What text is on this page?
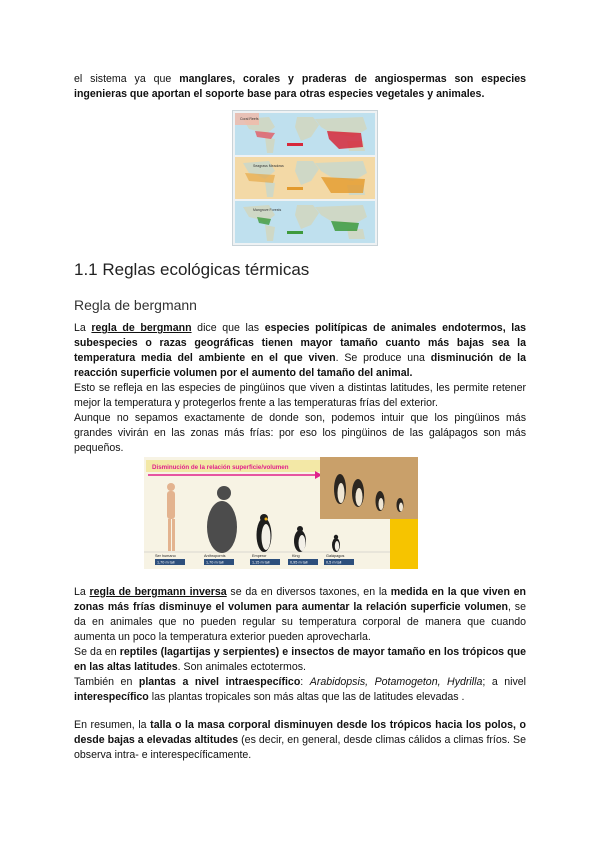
el sistema ya que manglares, corales y praderas de angiospermas son especies ingenieras que aportan el soporte base para otras especies vegetales y animales.

Coral Reefs
Seagrass Meadows
Mangrove Forests
1.1 Reglas ecológicas térmicas
Regla de bergmann

La regla de bergmann dice que las especies politípicas de animales endotermos, las subespecies o razas geográficas tienen mayor tamaño cuanto más bajas sea la temperatura media del ambiente en el que viven. Se produce una disminución de la reacción superficie volumen por el aumento del tamaño del animal.

Esto se refleja en las especies de pingüinos que viven a distintas latitudes, les permite retener mejor la temperatura y protegerlos frente a las temperaturas frías del exterior.

Aunque no sepamos exactamente de donde son, podemos intuir que los pingüinos más grandes vivirán en las zonas más frías: por eso los pingüinos de las galápagos son más pequeños.

Disminución de la relación superficie/volumen
Ser humano
1,70 m tall
Anthropornis
1,70 m tall
Emperor
1,15 m tall
King
0,95 m tall
Galápagos
0,5 m tall

La regla de bergmann inversa se da en diversos taxones, en la medida en la que viven en zonas más frías disminuye el volumen para aumentar la relación superficie volumen, se da en animales que no pueden regular su temperatura corporal de manera que cuando aumenta un poco la temperatura exterior pueden aprovecharla.

Se da en reptiles (lagartijas y serpientes) e insectos de mayor tamaño en los trópicos que en las altas latitudes. Son animales ectotermos.

También en plantas a nivel intraespecífico: Arabidopsis, Potamogeton, Hydrilla; a nivel interespecífico las plantas tropicales son más altas que las de latitudes elevadas .

En resumen, la talla o la masa corporal disminuyen desde los trópicos hacia los polos, o desde bajas a elevadas altitudes (es decir, en general, desde climas cálidos a climas fríos. Se observa intra- e interespecíficamente.
